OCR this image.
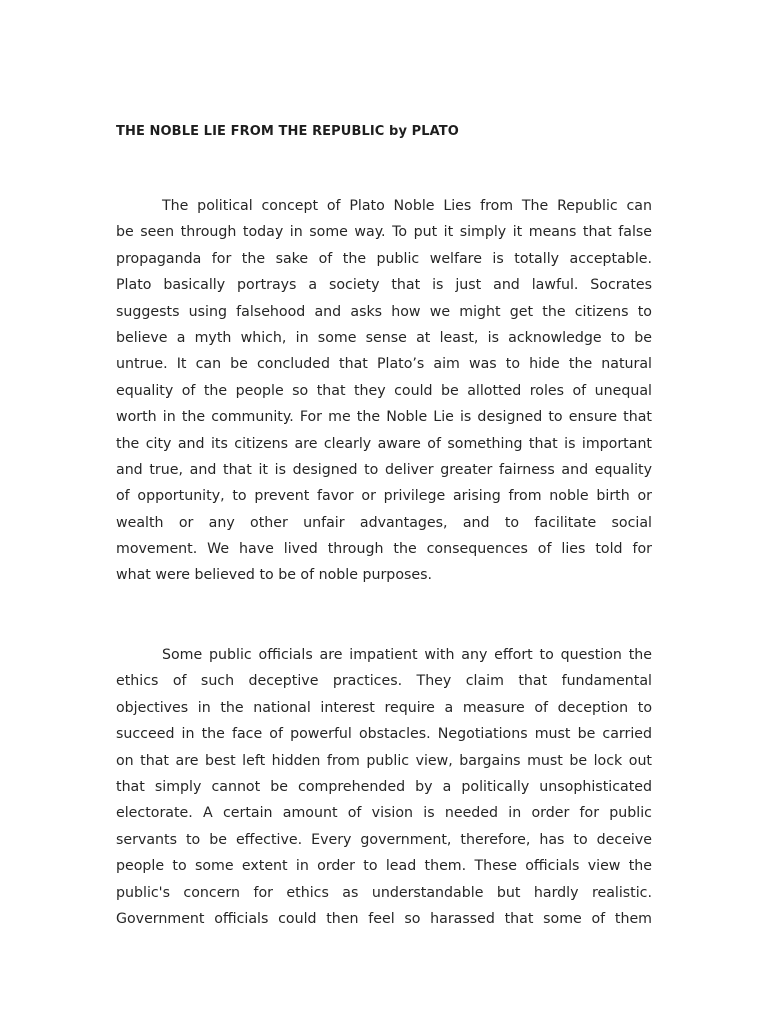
THE NOBLE LIE FROM THE REPUBLIC by PLATO

The political concept of Plato Noble Lies from The Republic can
be seen through today in some way. To put it simply it means that false
propaganda for the sake of the public welfare is totally acceptable.
Plato basically portrays a society that is just and lawful. Socrates
suggests using falsehood and asks how we might get the citizens to
believe a myth which, in some sense at least, is acknowledge to be
untrue. It can be concluded that Plato’s aim was to hide the natural
equality of the people so that they could be allotted roles of unequal
worth in the community. For me the Noble Lie is designed to ensure that
the city and its citizens are clearly aware of something that is important
and true, and that it is designed to deliver greater fairness and equality
of opportunity, to prevent favor or privilege arising from noble birth or
wealth or any other unfair advantages, and to facilitate social
movement. We have lived through the consequences of lies told for
what were believed to be of noble purposes.

Some public officials are impatient with any effort to question the
ethics of such deceptive practices. They claim that fundamental
objectives in the national interest require a measure of deception to
succeed in the face of powerful obstacles. Negotiations must be carried
on that are best left hidden from public view, bargains must be lock out
that simply cannot be comprehended by a politically unsophisticated
electorate. A certain amount of vision is needed in order for public
servants to be effective. Every government, therefore, has to deceive
people to some extent in order to lead them. These officials view the
public's concern for ethics as understandable but hardly realistic.
Government officials could then feel so harassed that some of them
